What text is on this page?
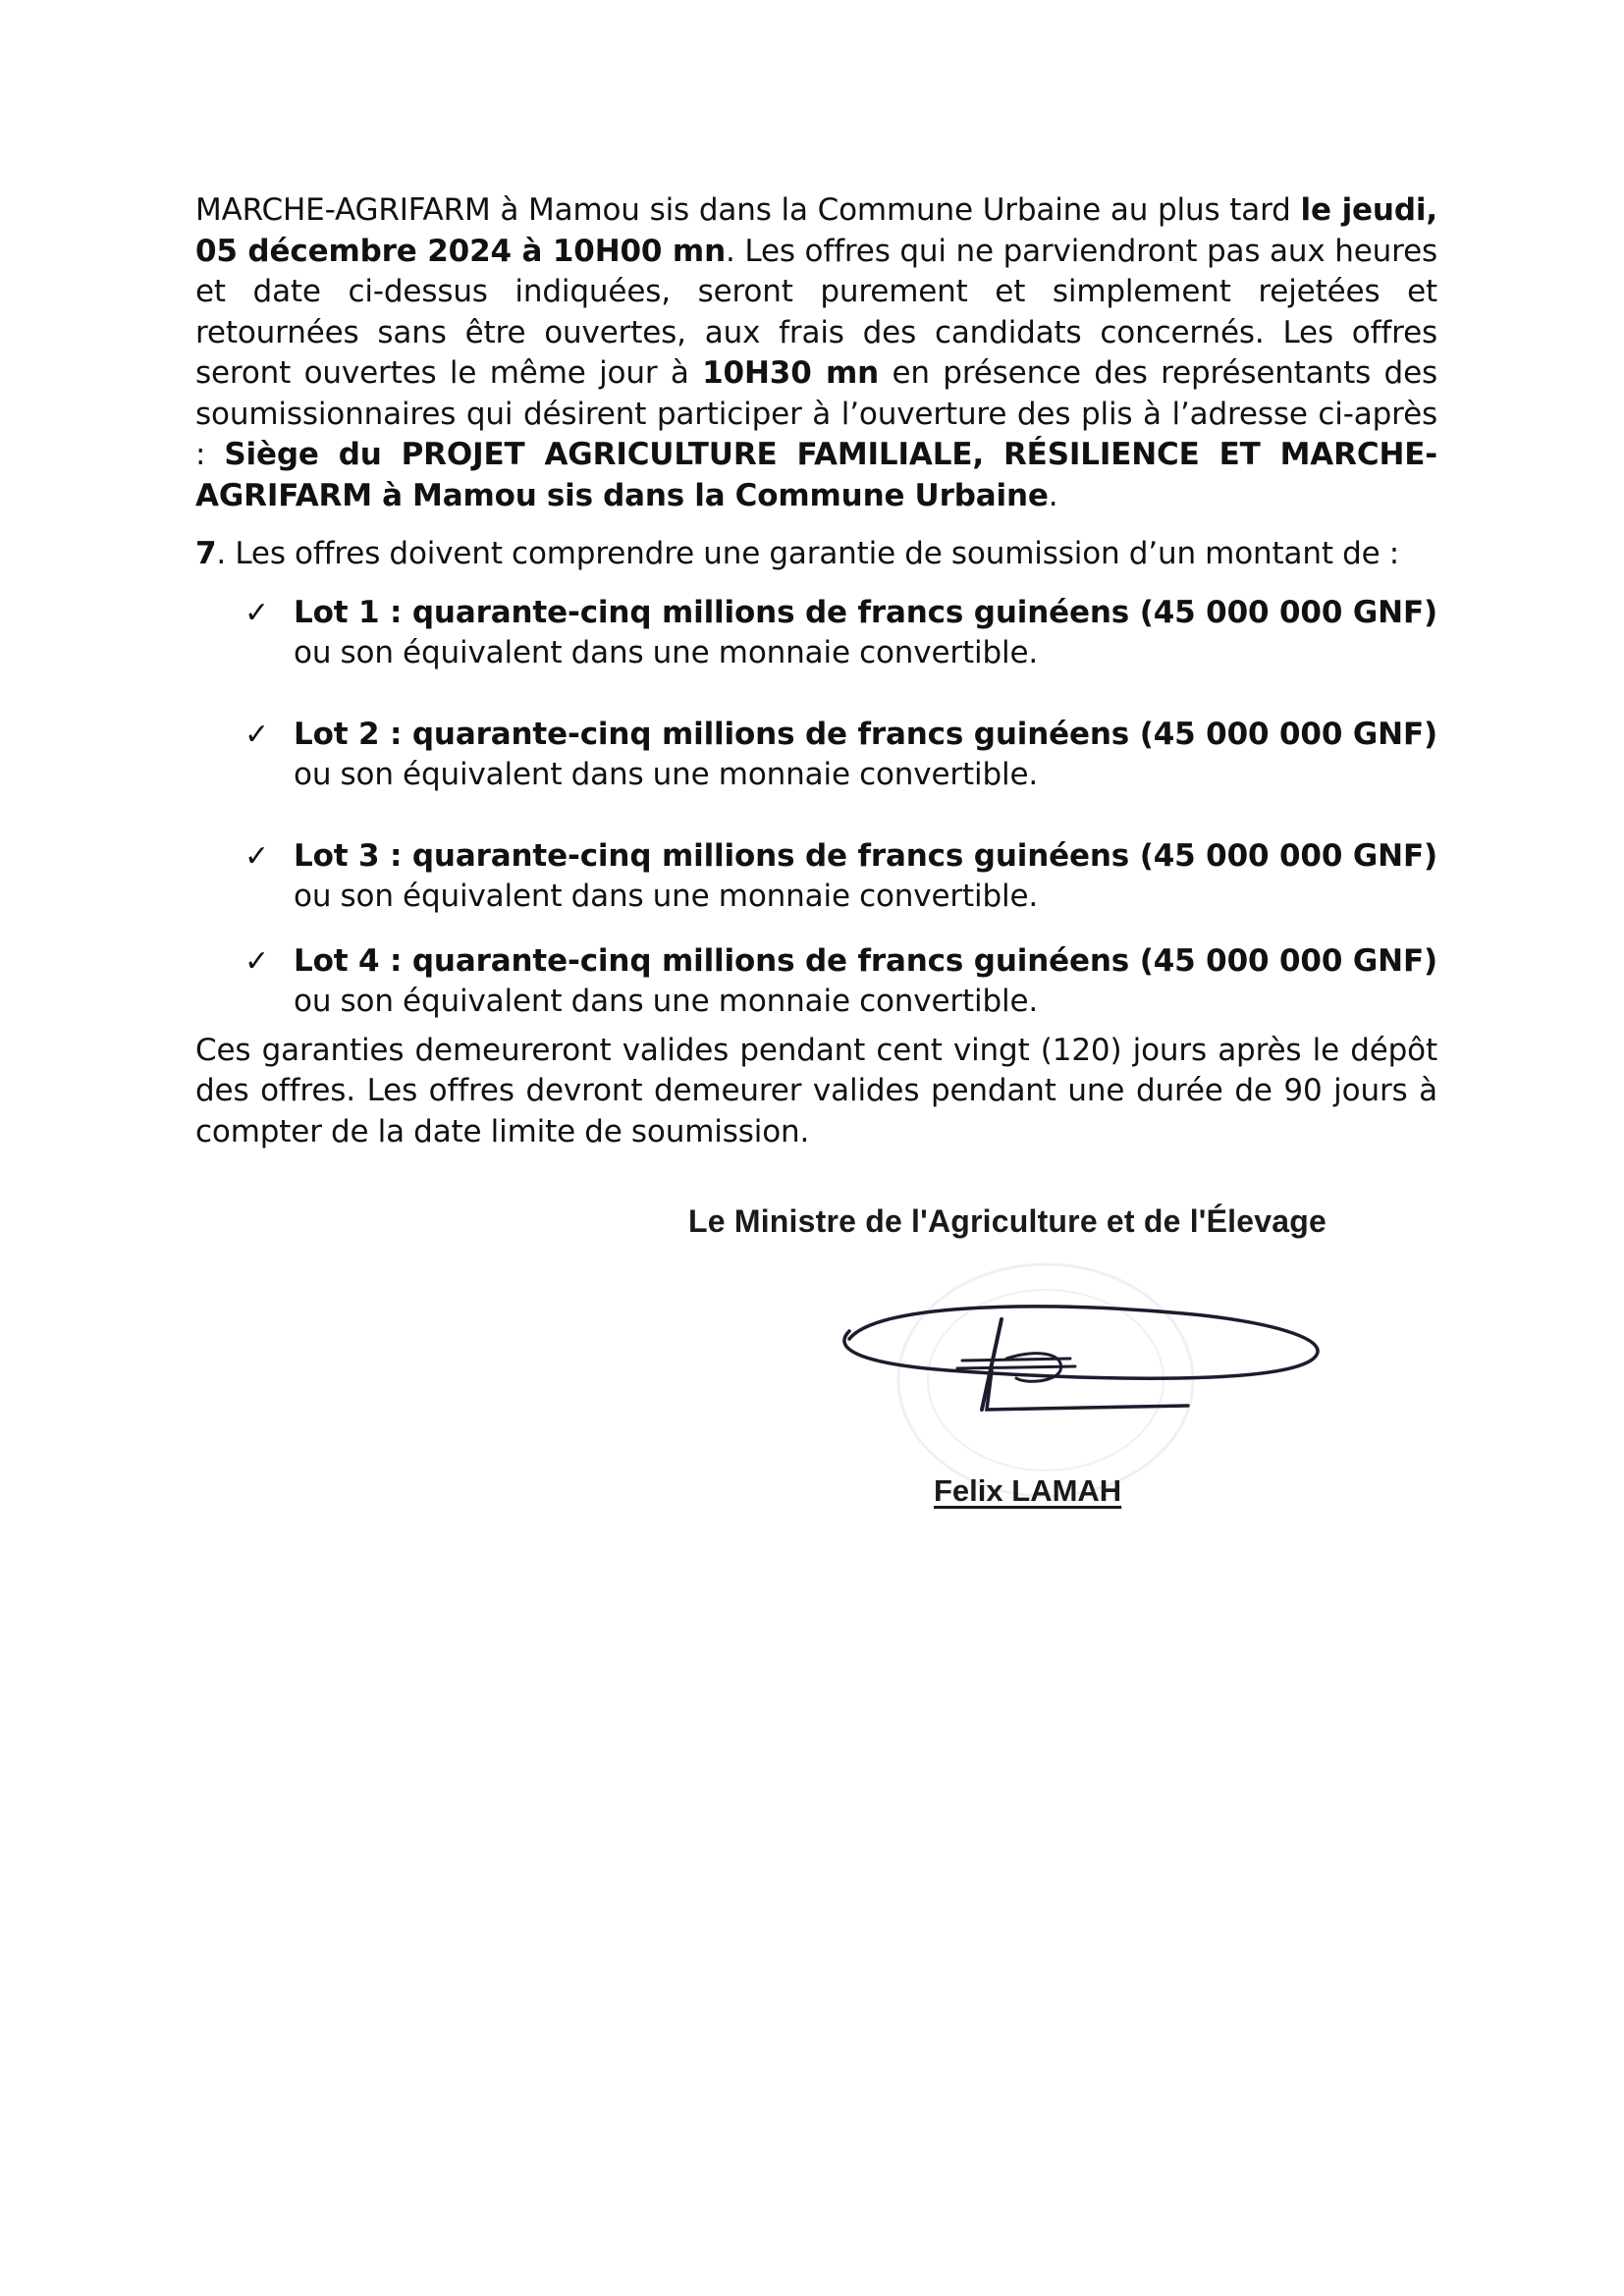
MARCHE-AGRIFARM à Mamou sis dans la Commune Urbaine au plus tard le jeudi, 05 décembre 2024 à 10H00 mn. Les offres qui ne parviendront pas aux heures et date ci-dessus indiquées, seront purement et simplement rejetées et retournées sans être ouvertes, aux frais des candidats concernés. Les offres seront ouvertes le même jour à 10H30 mn en présence des représentants des soumissionnaires qui désirent participer à l’ouverture des plis à l’adresse ci-après : Siège du PROJET AGRICULTURE FAMILIALE, RÉSILIENCE ET MARCHE-AGRIFARM à Mamou sis dans la Commune Urbaine.

7. Les offres doivent comprendre une garantie de soumission d’un montant de :

✓ Lot 1 : quarante-cinq millions de francs guinéens (45 000 000 GNF) ou son équivalent dans une monnaie convertible.
✓ Lot 2 : quarante-cinq millions de francs guinéens (45 000 000 GNF) ou son équivalent dans une monnaie convertible.
✓ Lot 3 : quarante-cinq millions de francs guinéens (45 000 000 GNF) ou son équivalent dans une monnaie convertible.
✓ Lot 4 : quarante-cinq millions de francs guinéens (45 000 000 GNF) ou son équivalent dans une monnaie convertible.

Ces garanties demeureront valides pendant cent vingt (120) jours après le dépôt des offres. Les offres devront demeurer valides pendant une durée de 90 jours à compter de la date limite de soumission.

Le Ministre de l'Agriculture et de l'Élevage
Felix LAMAH
